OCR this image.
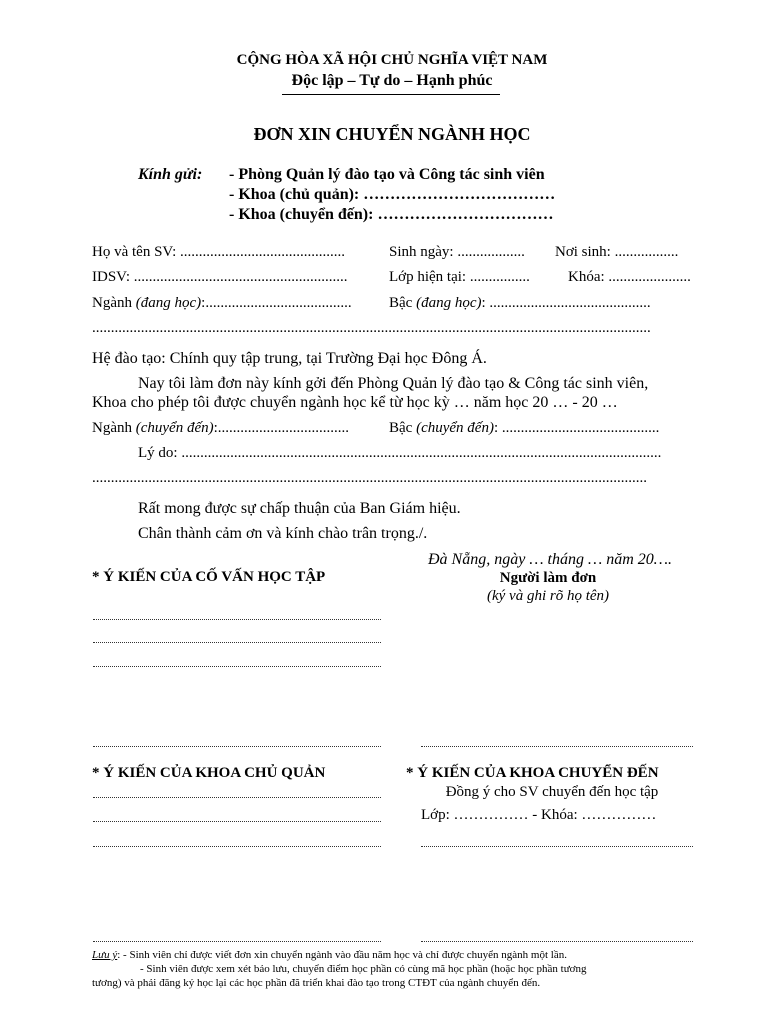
CỘNG HÒA XÃ HỘI CHỦ NGHĨA VIỆT NAM
Độc lập – Tự do – Hạnh phúc
ĐƠN XIN CHUYỂN NGÀNH HỌC
Kính gửi: - Phòng Quản lý đào tạo và Công tác sinh viên
- Khoa (chủ quản): ………………………………
- Khoa (chuyển đến): ……………………………
Họ và tên SV: ............................................	Sinh ngày: .................. Nơi sinh: .................
IDSV: .........................................................	Lớp hiện tại: ................	Khóa: ......................
Ngành (đang học):....................................... Bậc (đang học): ...........................................
.....................................................................................................................................................
Hệ đào tạo: Chính quy tập trung, tại Trường Đại học Đông Á.
Nay tôi làm đơn này kính gởi đến Phòng Quản lý đào tạo & Công tác sinh viên,
Khoa cho phép tôi được chuyển ngành học kể từ học kỳ … năm học 20 … - 20 …
Ngành (chuyển đến):...................................	Bậc (chuyển đến): ..........................................
Lý do: ................................................................................................................................
....................................................................................................................................................
Rất mong được sự chấp thuận của Ban Giám hiệu.
Chân thành cảm ơn và kính chào trân trọng./.
Đà Nẵng, ngày … tháng … năm 20….
Người làm đơn
(ký và ghi rõ họ tên)
* Ý KIẾN CỦA CỐ VẤN HỌC TẬP
* Ý KIẾN CỦA KHOA CHỦ QUẢN	* Ý KIẾN CỦA KHOA CHUYỂN ĐẾN
Đồng ý cho SV chuyển đến học tập
Lớp: …………… - Khóa: ……………
Lưu ý: - Sinh viên chỉ được viết đơn xin chuyển ngành vào đầu năm học và chỉ được chuyển ngành một lần.
- Sinh viên được xem xét bảo lưu, chuyển điểm học phần có cùng mã học phần (hoặc học phần tương
tương) và phải đăng ký học lại các học phần đã triển khai đào tạo trong CTĐT của ngành chuyển đến.
